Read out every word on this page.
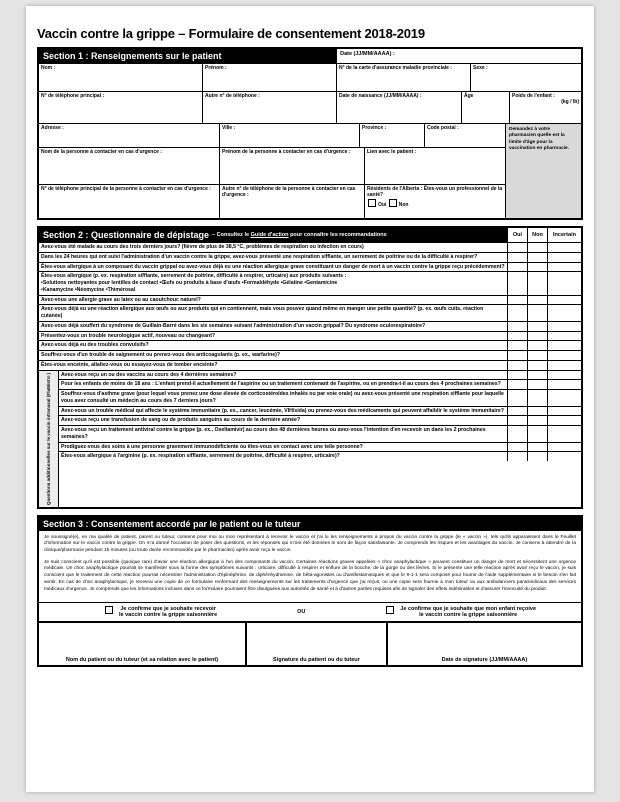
Vaccin contre la grippe – Formulaire de consentement 2018-2019
Section 1 : Renseignements sur le patient	Date (JJ/MM/AAAA) :
Nom :	Prénom :	N° de la carte d'assurance maladie provinciale :	Sexe :
N° de téléphone principal :	Autre n° de téléphone :	Date de naissance (JJ/MM/AAAA) :	Âge	Poids de l'enfant :
(kg / lb)
Adresse :	Ville :	Province :	Code postal :
Nom de la personne à contacter en cas d'urgence :	Prénom de la personne à contacter en cas d'urgence :	Lien avec le patient :
N° de téléphone principal de la personne à contacter en cas d'urgence :	Autre n° de téléphone de la personne à contacter en cas d'urgence :
Résidents de l'Alberta : Êtes-vous un professionnel de la santé?
Oui Non
Demandez à votre pharmacien quelle est la limite d'âge pour la vaccination en pharmacie.
Section 2 : Questionnaire de dépistage – Consultez le Guide d'action pour connaître les recommandations	Oui	Non	Incertain
Avez-vous été malade au cours des trois derniers jours? (fièvre de plus de 38,5 °C, problèmes de respiration ou infection en cours)
Dans les 24 heures qui ont suivi l'administration d'un vaccin contre la grippe, avez-vous présenté une respiration sifflante, un serrement de poitrine ou de la difficulté à respirer?
Êtes-vous allergique à un composant du vaccin grippal ou avez-vous déjà eu une réaction allergique grave constituant un danger de mort à un vaccin contre la grippe reçu précédemment?
Êtes-vous allergique (p. ex. respiration sifflante, serrement de poitrine, difficulté à respirer, urticaire) aux produits suivants :
•Solutions nettoyantes pour lentilles de contact •Œufs ou produits à base d'œufs •Formaldéhyde •Gélatine •Gentamicine
•Kanamycine •Néomycine •Thimérosal
Avez-vous une allergie grave au latex ou au caoutchouc naturel?
Avez-vous déjà eu une réaction allergique aux œufs ou aux produits qui en contiennent, mais vous pouvez quand même en manger une petite quantité? (p. ex. œufs cuits, réaction cutanée)
Avez-vous déjà souffert du syndrome de Guillain-Barré dans les six semaines suivant l'administration d'un vaccin grippal? Du syndrome oculorespiratoire?
Présentez-vous un trouble neurologique actif, nouveau ou changeant?
Avez-vous déjà eu des troubles convulsifs?
Souffrez-vous d'un trouble de saignement ou prenez-vous des anticoagulants (p. ex., warfarine)?
Êtes-vous enceinte, allaitez-vous ou essayez-vous de tomber enceinte?
Questions additionnelles sur le vaccin intranasal (FluMist®)	Avez-vous reçu un ou des vaccins au cours des 4 dernières semaines?
Pour les enfants de moins de 18 ans : L'enfant prend-il actuellement de l'aspirine ou un traitement contenant de l'aspirine, ou en prendra-t-il au cours des 4 prochaines semaines?
Souffrez-vous d'asthme grave (pour lequel vous prenez une dose élevée de corticostéroïdes inhalés ou par voie orale) ou avez-vous présenté une respiration sifflante pour laquelle vous avez consulté un médecin au cours des 7 derniers jours?
Avez-vous un trouble médical qui affecte le système immunitaire (p. ex., cancer, leucémie, VIH/sida) ou prenez-vous des médicaments qui peuvent affaiblir le système immunitaire?
Avez-vous reçu une transfusion de sang ou de produits sanguins au cours de la dernière année?
Avez-vous reçu un traitement antiviral contre la grippe (p. ex., Oseltamivir) au cours des 48 dernières heures ou avez-vous l'intention d'en recevoir un dans les 2 prochaines semaines?
Prodiguez-vous des soins à une personne gravement immunodéficiente ou êtes-vous en contact avec une telle personne?
Êtes-vous allergique à l'arginine (p. ex. respiration sifflante, serrement de poitrine, difficulté à respirer, urticaire)?
Section 3 : Consentement accordé par le patient ou le tuteur

Je soussigné(e), en ma qualité de patient, parent ou tuteur, consens pour moi ou mon représentant à recevoir le vaccin et j'ai lu les renseignements à propos du vaccin contre la grippe (le « vaccin »), tels qu'ils apparaissent dans le Feuillet d'information sur le vaccin contre la grippe. On m'a donné l'occasion de poser des questions, et les réponses qui m'ont été données le sont de façon satisfaisante. Je comprends les risques et les avantages du vaccin. Je consens à attendre de la clinique/pharmacie pendant 15 minutes (ou toute durée recommandée par le pharmacien) après avoir reçu le vaccin.

Je suis conscient qu'il est possible (quoique rare) d'avoir une réaction allergique à l'un des composants du vaccin. Certaines réactions graves appelées « choc anaphylactique » peuvent constituer un danger de mort et nécessitent une urgence médicale. Un choc anaphylactique pourrait se manifester sous la forme des symptômes suivants : urticaire, difficulté à respirer et enflure de la bouche, de la gorge ou des lèvres. Si le présente une telle réaction après avoir reçu le vaccin, je suis conscient que le traitement de cette réaction pourrait nécessiter l'administration d'épinéphrine, de diphénhydramine, de bêta-agonistes ou d'antihistaminiques et que le 9-1-1 sera composé pour fournir de l'aide supplémentaire si le besoin s'en fait sentir. En cas de choc anaphylactique, je recevrai une copie de ce formulaire renfermant des renseignements sur les traitements d'urgence que j'ai reçus, ou une copie sera fournie à mon tuteur ou aux ambulanciers paramédicaux des services médicaux d'urgence. Je comprends que les informations incluses dans ce formulaire pourraient être divulguées aux autorités de santé et à d'autres parties requises afin de signaler des effets indésirables et d'assurer l'innocuité du produit.

Je confirme que je souhaite recevoir
le vaccin contre la grippe saisonnière	OU	Je confirme que je souhaite que mon enfant reçoive
le vaccin contre la grippe saisonnière
Nom du patient ou du tuteur (et sa relation avec le patient)	Signature du patient ou du tuteur	Date de signature (JJ/MM/AAAA)
